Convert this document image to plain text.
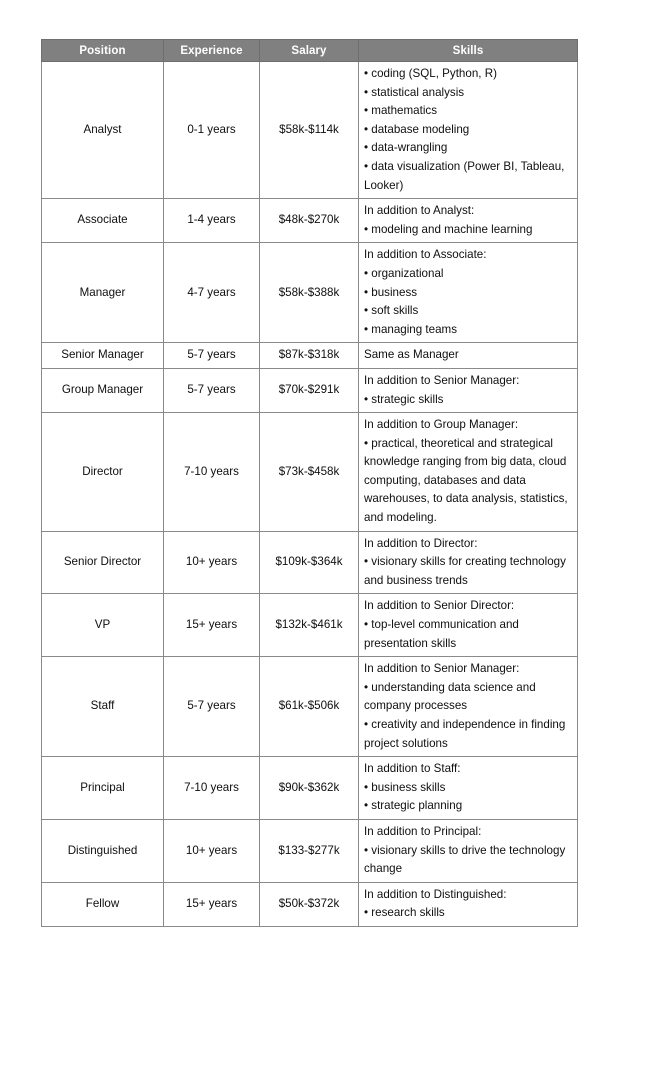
Position	Experience	Salary	Skills
Analyst	0-1 years	$58k-$114k	
• coding (SQL, Python, R)
• statistical analysis
• mathematics
• database modeling
• data-wrangling
• data visualization (Power BI, Tableau, Looker)

Associate	1-4 years	$48k-$270k	In addition to Analyst:
• modeling and machine learning

Manager	4-7 years	$58k-$388k	In addition to Associate:
• organizational
• business
• soft skills
• managing teams

Senior Manager	5-7 years	$87k-$318k	Same as Manager

Group Manager	5-7 years	$70k-$291k	In addition to Senior Manager:
• strategic skills

Director	7-10 years	$73k-$458k	In addition to Group Manager:
• practical, theoretical and strategical knowledge ranging from big data, cloud computing, databases and data warehouses, to data analysis, statistics, and modeling.

Senior Director	10+ years	$109k-$364k	In addition to Director:
• visionary skills for creating technology and business trends

VP	15+ years	$132k-$461k	In addition to Senior Director:
• top-level communication and presentation skills

Staff	5-7 years	$61k-$506k	In addition to Senior Manager:
• understanding data science and company processes
• creativity and independence in finding project solutions

Principal	7-10 years	$90k-$362k	In addition to Staff:
• business skills
• strategic planning

Distinguished	10+ years	$133-$277k	In addition to Principal:
• visionary skills to drive the technology change

Fellow	15+ years	$50k-$372k	In addition to Distinguished:
• research skills
